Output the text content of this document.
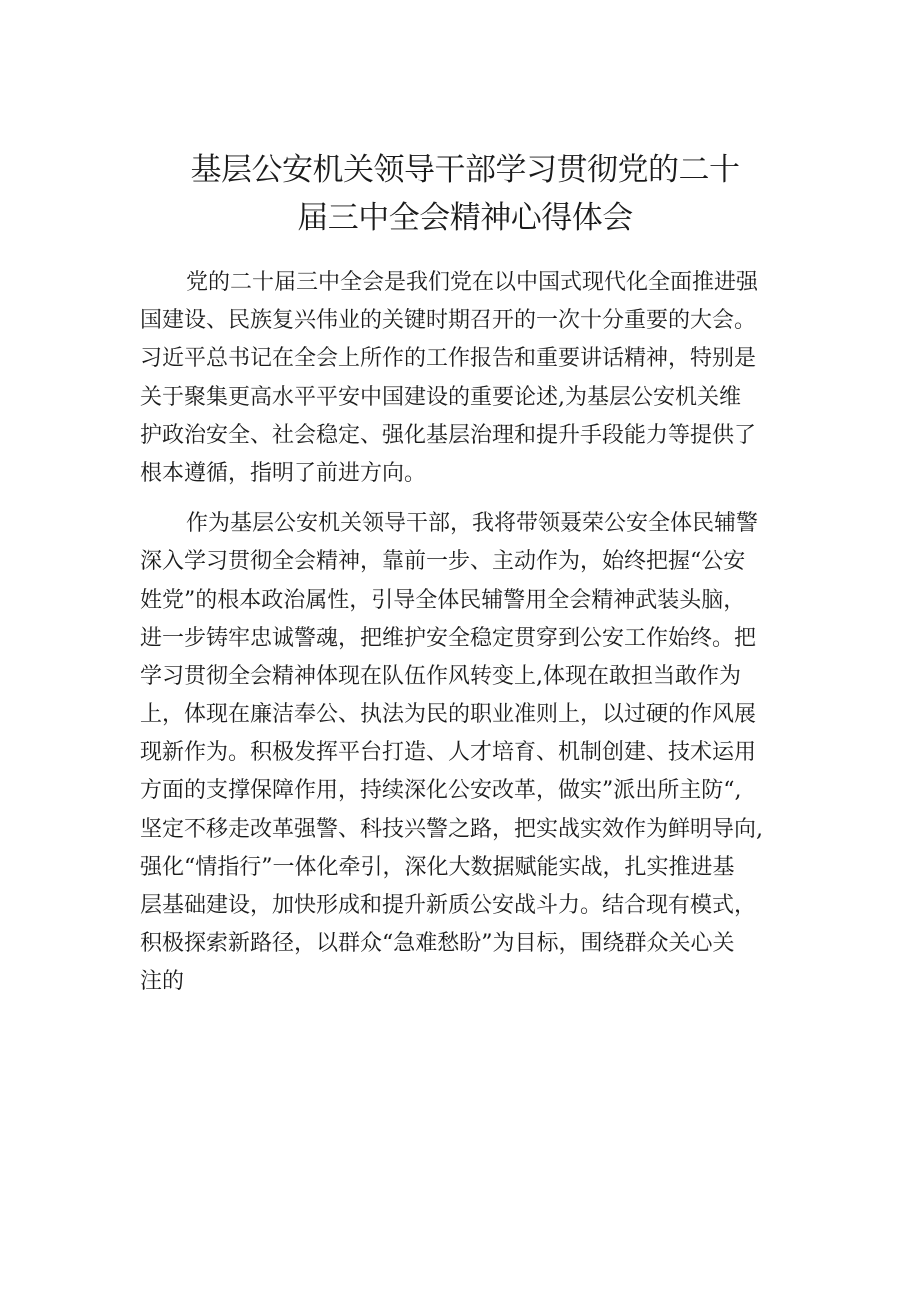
基层公安机关领导干部学习贯彻党的二十
届三中全会精神心得体会
党的二十届三中全会是我们党在以中国式现代化全面推进强
国建设、民族复兴伟业的关键时期召开的一次十分重要的大会。
习近平总书记在全会上所作的工作报告和重要讲话精神，特别是
关于聚集更高水平平安中国建设的重要论述,为基层公安机关维
护政治安全、社会稳定、强化基层治理和提升手段能力等提供了
根本遵循，指明了前进方向。
作为基层公安机关领导干部，我将带领聂荣公安全体民辅警
深入学习贯彻全会精神，靠前一步、主动作为，始终把握“公安
姓党”的根本政治属性，引导全体民辅警用全会精神武装头脑，
进一步铸牢忠诚警魂，把维护安全稳定贯穿到公安工作始终。把
学习贯彻全会精神体现在队伍作风转变上,体现在敢担当敢作为
上，体现在廉洁奉公、执法为民的职业准则上，以过硬的作风展
现新作为。积极发挥平台打造、人才培育、机制创建、技术运用
方面的支撑保障作用，持续深化公安改革，做实”派出所主防“,
坚定不移走改革强警、科技兴警之路，把实战实效作为鲜明导向,
强化“情指行”一体化牵引，深化大数据赋能实战，扎实推进基
层基础建设，加快形成和提升新质公安战斗力。结合现有模式，
积极探索新路径，以群众“急难愁盼”为目标，围绕群众关心关
注的
